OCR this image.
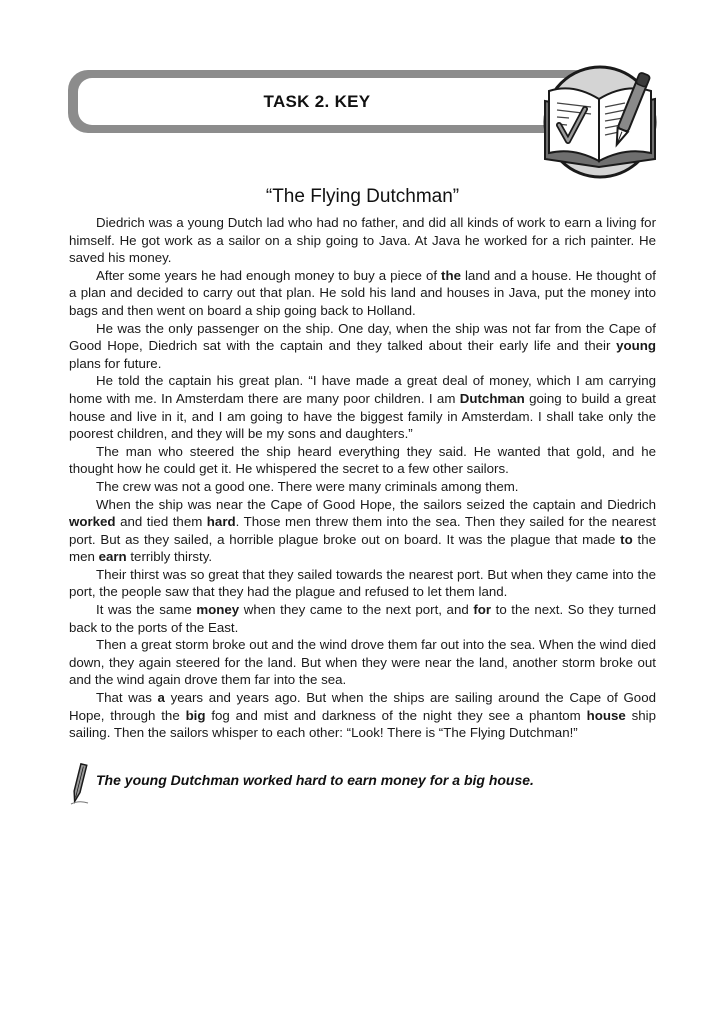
TASK 2. KEY
“The Flying Dutchman”

Diedrich was a young Dutch lad who had no father, and did all kinds of work to earn a living for himself. He got work as a sailor on a ship going to Java. At Java he worked for a rich painter. He saved his money.

After some years he had enough money to buy a piece of the land and a house. He thought of a plan and decided to carry out that plan. He sold his land and houses in Java, put the money into bags and then went on board a ship going back to Holland.

He was the only passenger on the ship. One day, when the ship was not far from the Cape of Good Hope, Diedrich sat with the captain and they talked about their early life and their young plans for future.

He told the captain his great plan. “I have made a great deal of money, which I am carrying home with me. In Amsterdam there are many poor children. I am Dutchman going to build a great house and live in it, and I am going to have the biggest family in Amsterdam. I shall take only the poorest children, and they will be my sons and daughters.”

The man who steered the ship heard everything they said. He wanted that gold, and he thought how he could get it. He whispered the secret to a few other sailors.

The crew was not a good one. There were many criminals among them.

When the ship was near the Cape of Good Hope, the sailors seized the captain and Diedrich worked and tied them hard. Those men threw them into the sea. Then they sailed for the nearest port. But as they sailed, a horrible plague broke out on board. It was the plague that made to the men earn terribly thirsty.

Their thirst was so great that they sailed towards the nearest port. But when they came into the port, the people saw that they had the plague and refused to let them land.

It was the same money when they came to the next port, and for to the next. So they turned back to the ports of the East.

Then a great storm broke out and the wind drove them far out into the sea. When the wind died down, they again steered for the land. But when they were near the land, another storm broke out and the wind again drove them far into the sea.

That was a years and years ago. But when the ships are sailing around the Cape of Good Hope, through the big fog and mist and darkness of the night they see a phantom house ship sailing. Then the sailors whisper to each other: “Look! There is “The Flying Dutchman!”

The young Dutchman worked hard to earn money for a big house.
